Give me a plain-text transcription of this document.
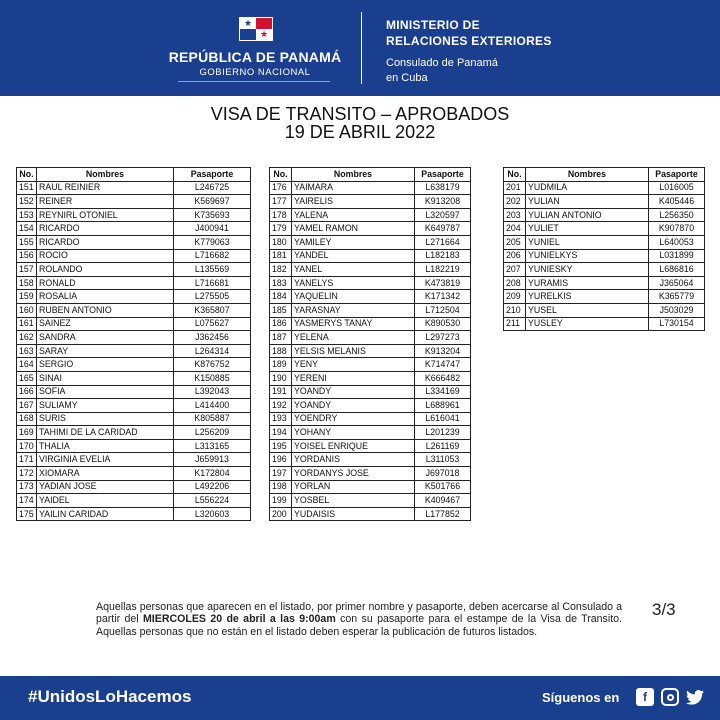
★
★
REPÚBLICA DE PANAMÁ
GOBIERNO NACIONAL
MINISTERIO DE
RELACIONES EXTERIORES
Consulado de Panamá
en Cuba
VISA DE TRANSITO – APROBADOS
19 DE ABRIL 2022
No.	Nombres	Pasaporte
151	RAUL REINIER	L246725
152	REINER	K569697
153	REYNIRL OTONIEL	K735693
154	RICARDO	J400941
155	RICARDO	K779063
156	ROCIO	L716682
157	ROLANDO	L135569
158	RONALD	L716681
159	ROSALIA	L275505
160	RUBEN ANTONIO	K365807
161	SAINEZ	L075627
162	SANDRA	J362456
163	SARAY	L264314
164	SERGIO	K876752
165	SINAI	K150885
166	SOFIA	L392043
167	SULIAMY	L414400
168	SURIS	K805887
169	TAHIMI DE LA CARIDAD	L256209
170	THALIA	L313165
171	VIRGINIA EVELIA	J659913
172	XIOMARA	K172804
173	YADIAN JOSE	L492206
174	YAIDEL	L556224
175	YAILIN CARIDAD	L320603
No.	Nombres	Pasaporte
176	YAIMARA	L638179
177	YAIRELIS	K913208
178	YALENA	L320597
179	YAMEL RAMON	K649787
180	YAMILEY	L271664
181	YANDEL	L182183
182	YANEL	L182219
183	YANELYS	K473819
184	YAQUELIN	K171342
185	YARASNAY	L712504
186	YASMERYS TANAY	K890530
187	YELENA	L297273
188	YELSIS MELANIS	K913204
189	YENY	K714747
190	YERENI	K666482
191	YOANDY	L334169
192	YOANDY	L688961
193	YOENDRY	L616041
194	YOHANY	L201239
195	YOISEL ENRIQUE	L261169
196	YORDANIS	L311053
197	YORDANYS JOSE	J697018
198	YORLAN	K501766
199	YOSBEL	K409467
200	YUDAISIS	L177852
No.	Nombres	Pasaporte
201	YUDMILA	L016005
202	YULIAN	K405446
203	YULIAN ANTONIO	L256350
204	YULIET	K907870
205	YUNIEL	L640053
206	YUNIELKYS	L031899
207	YUNIESKY	L686816
208	YURAMIS	J365064
209	YURELKIS	K365779
210	YUSEL	J503029
211	YUSLEY	L730154
Aquellas personas que aparecen en el listado, por primer nombre y pasaporte, deben acercarse al Consulado a partir del MIERCOLES 20 de abril a las 9:00am con su pasaporte para el estampe de la Visa de Transito. Aquellas personas que no están en el listado deben esperar la publicación de futuros listados.
3/3
#UnidosLoHacemos	Síguenos en	f
